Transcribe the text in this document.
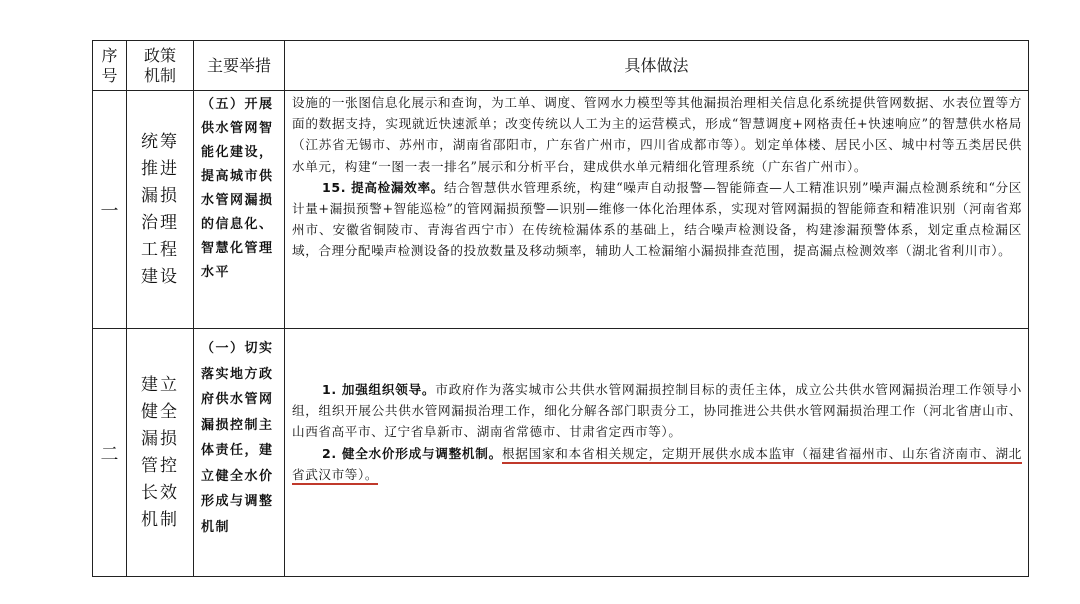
序号
政策机制
主要举措	具体做法
一
统筹推进漏损治理工程建设
（五）开展供水管网智能化建设，提高城市供水管网漏损的信息化、智慧化管理水平

设施的一张图信息化展示和查询，为工单、调度、管网水力模型等其他漏损治理相关信息化系统提供管网数据、水表位置等方面的数据支持，实现就近快速派单；改变传统以人工为主的运营模式，形成“智慧调度+网格责任+快速响应”的智慧供水格局（江苏省无锡市、苏州市，湖南省邵阳市，广东省广州市，四川省成都市等）。划定单体楼、居民小区、城中村等五类居民供水单元，构建“一图一表一排名”展示和分析平台，建成供水单元精细化管理系统（广东省广州市）。

15. 提高检漏效率。结合智慧供水管理系统，构建“噪声自动报警—智能筛查—人工精准识别”噪声漏点检测系统和“分区计量+漏损预警+智能巡检”的管网漏损预警—识别—维修一体化治理体系，实现对管网漏损的智能筛查和精准识别（河南省郑州市、安徽省铜陵市、青海省西宁市）在传统检漏体系的基础上，结合噪声检测设备，构建渗漏预警体系，划定重点检漏区域，合理分配噪声检测设备的投放数量及移动频率，辅助人工检漏缩小漏损排查范围，提高漏点检测效率（湖北省利川市）。

二
建立健全漏损管控长效机制
（一）切实落实地方政府供水管网漏损控制主体责任，建立健全水价形成与调整机制

1. 加强组织领导。市政府作为落实城市公共供水管网漏损控制目标的责任主体，成立公共供水管网漏损治理工作领导小组，组织开展公共供水管网漏损治理工作，细化分解各部门职责分工，协同推进公共供水管网漏损治理工作（河北省唐山市、山西省高平市、辽宁省阜新市、湖南省常德市、甘肃省定西市等）。

2. 健全水价形成与调整机制。根据国家和本省相关规定，定期开展供水成本监审（福建省福州市、山东省济南市、湖北省武汉市等）。
